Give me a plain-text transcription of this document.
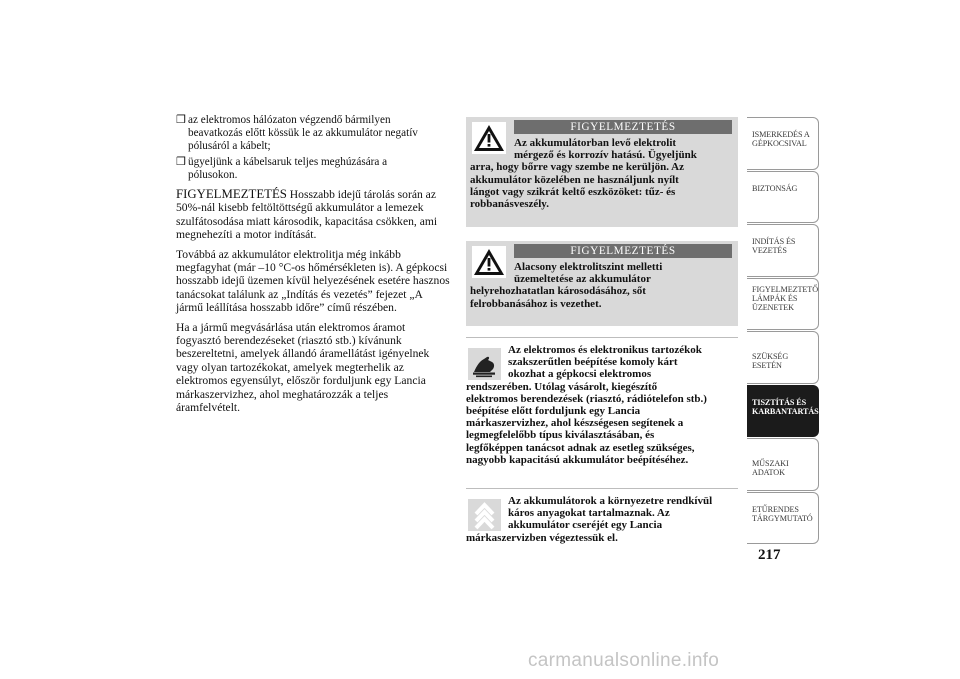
❒ az elektromos hálózaton végzendő bármilyen
beavatkozás előtt kössük le az akkumulátor negatív
pólusáról a kábelt;
❒ ügyeljünk a kábelsaruk teljes meghúzására a
pólusokon.

FIGYELMEZTETÉS Hosszabb idejű tárolás során az 50%-nál kisebb feltöltöttségű akkumulátor a lemezek szulfátosodása miatt károsodik, kapacitása csökken, ami megnehezíti a motor indítását.

Továbbá az akkumulátor elektrolitja még inkább megfagyhat (már –10 °C-os hőmérsékleten is). A gépkocsi hosszabb idejű üzemen kívül helyezésének esetére hasznos tanácsokat találunk az „Indítás és vezetés” fejezet „A jármű leállítása hosszabb időre” című részében.

Ha a jármű megvásárlása után elektromos áramot fogyasztó berendezéseket (riasztó stb.) kívánunk beszereltetni, amelyek állandó áramellátást igényelnek vagy olyan tartozékokat, amelyek megterhelik az elektromos egyensúlyt, először forduljunk egy Lancia márkaszervizhez, ahol meghatározzák a teljes áramfelvételt.

FIGYELMEZTETÉS
Az akkumulátorban levő elektrolit
mérgező és korrozív hatású. Ügyeljünk
arra, hogy bőrre vagy szembe ne kerüljön. Az
akkumulátor közelében ne használjunk nyílt
lángot vagy szikrát keltő eszközöket: tűz- és
robbanásveszély.
FIGYELMEZTETÉS
Alacsony elektrolitszint melletti
üzemeltetése az akkumulátor
helyrehozhatatlan károsodásához, sőt
felrobbanásához is vezethet.
Az elektromos és elektronikus tartozékok
szakszerűtlen beépítése komoly kárt
okozhat a gépkocsi elektromos
rendszerében. Utólag vásárolt, kiegészítő
elektromos berendezések (riasztó, rádiótelefon stb.)
beépítése előtt forduljunk egy Lancia
márkaszervizhez, ahol készségesen segítenek a
legmegfelelőbb típus kiválasztásában, és
legfőképpen tanácsot adnak az esetleg szükséges,
nagyobb kapacitású akkumulátor beépítéséhez.
Az akkumulátorok a környezetre rendkívül
káros anyagokat tartalmaznak. Az
akkumulátor cseréjét egy Lancia
márkaszervizben végeztessük el.
ISMERKEDÉS A
GÉPKOCSIVAL
BIZTONSÁG
INDÍTÁS ÉS
VEZETÉS
FIGYELMEZTETŐ
LÁMPÁK ÉS
ÜZENETEK
SZÜKSÉG ESETÉN
TISZTÍTÁS ÉS
KARBANTARTÁS
MŰSZAKI ADATOK
ETŰRENDES
TÁRGYMUTATÓ
217
carmanualsonline.info
